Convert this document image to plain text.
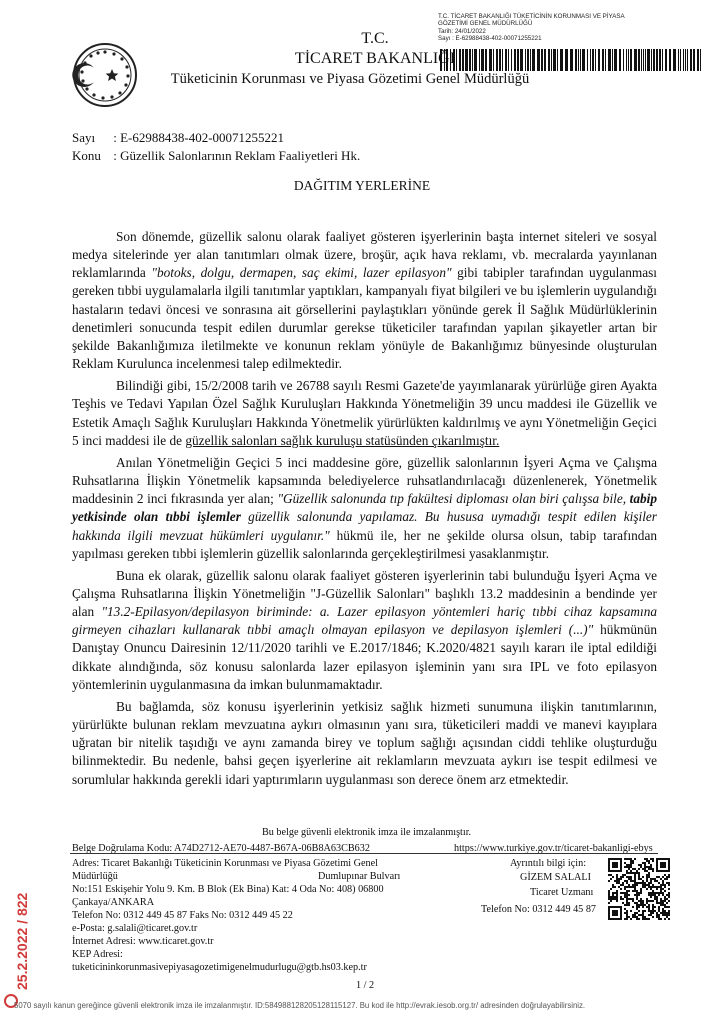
T.C. TİCARET BAKANLIĞI TÜKETİCİNİN KORUNMASI VE PİYASA
GÖZETİMİ GENEL MÜDÜRLÜĞÜ
Tarih: 24/01/2022
Sayı : E-62988438-402-00071255221
T.C.
TİCARET BAKANLIĞI
Tüketicinin Korunması ve Piyasa Gözetimi Genel Müdürlüğü
Sayı : E-62988438-402-00071255221
Konu : Güzellik Salonlarının Reklam Faaliyetleri Hk.
DAĞITIM YERLERİNE

Son dönemde, güzellik salonu olarak faaliyet gösteren işyerlerinin başta internet siteleri ve sosyal medya sitelerinde yer alan tanıtımları olmak üzere, broşür, açık hava reklamı, vb. mecralarda yayınlanan reklamlarında "botoks, dolgu, dermapen, saç ekimi, lazer epilasyon" gibi tabipler tarafından uygulanması gereken tıbbi uygulamalarla ilgili tanıtımlar yaptıkları, kampanyalı fiyat bilgileri ve bu işlemlerin uygulandığı hastaların tedavi öncesi ve sonrasına ait görsellerini paylaştıkları yönünde gerek İl Sağlık Müdürlüklerinin denetimleri sonucunda tespit edilen durumlar gerekse tüketiciler tarafından yapılan şikayetler artan bir şekilde Bakanlığımıza iletilmekte ve konunun reklam yönüyle de Bakanlığımız bünyesinde oluşturulan Reklam Kurulunca incelenmesi talep edilmektedir.

Bilindiği gibi, 15/2/2008 tarih ve 26788 sayılı Resmi Gazete'de yayımlanarak yürürlüğe giren Ayakta Teşhis ve Tedavi Yapılan Özel Sağlık Kuruluşları Hakkında Yönetmeliğin 39 uncu maddesi ile Güzellik ve Estetik Amaçlı Sağlık Kuruluşları Hakkında Yönetmelik yürürlükten kaldırılmış ve aynı Yönetmeliğin Geçici 5 inci maddesi ile de güzellik salonları sağlık kuruluşu statüsünden çıkarılmıştır.

Anılan Yönetmeliğin Geçici 5 inci maddesine göre, güzellik salonlarının İşyeri Açma ve Çalışma Ruhsatlarına İlişkin Yönetmelik kapsamında belediyelerce ruhsatlandırılacağı düzenlenerek, Yönetmelik maddesinin 2 inci fıkrasında yer alan; "Güzellik salonunda tıp fakültesi diploması olan biri çalışsa bile, tabip yetkisinde olan tıbbi işlemler güzellik salonunda yapılamaz. Bu hususa uymadığı tespit edilen kişiler hakkında ilgili mevzuat hükümleri uygulanır." hükmü ile, her ne şekilde olursa olsun, tabip tarafından yapılması gereken tıbbi işlemlerin güzellik salonlarında gerçekleştirilmesi yasaklanmıştır.

Buna ek olarak, güzellik salonu olarak faaliyet gösteren işyerlerinin tabi bulunduğu İşyeri Açma ve Çalışma Ruhsatlarına İlişkin Yönetmeliğin "J-Güzellik Salonları" başlıklı 13.2 maddesinin a bendinde yer alan "13.2-Epilasyon/depilasyon biriminde: a. Lazer epilasyon yöntemleri hariç tıbbi cihaz kapsamına girmeyen cihazları kullanarak tıbbi amaçlı olmayan epilasyon ve depilasyon işlemleri (...)" hükmünün Danıştay Onuncu Dairesinin 12/11/2020 tarihli ve E.2017/1846; K.2020/4821 sayılı kararı ile iptal edildiği dikkate alındığında, söz konusu salonlarda lazer epilasyon işleminin yanı sıra IPL ve foto epilasyon yöntemlerinin uygulanmasına da imkan bulunmamaktadır.

Bu bağlamda, söz konusu işyerlerinin yetkisiz sağlık hizmeti sunumuna ilişkin tanıtımlarının, yürürlükte bulunan reklam mevzuatına aykırı olmasının yanı sıra, tüketicileri maddi ve manevi kayıplara uğratan bir nitelik taşıdığı ve aynı zamanda birey ve toplum sağlığı açısından ciddi tehlike oluşturduğu bilinmektedir. Bu nedenle, bahsi geçen işyerlerine ait reklamların mevzuata aykırı ise tespit edilmesi ve sorumlular hakkında gerekli idari yaptırımların uygulanması son derece önem arz etmektedir.

Bu belge güvenli elektronik imza ile imzalanmıştır.
Belge Doğrulama Kodu: A74D2712-AE70-4487-B67A-06B8A63CB632	https://www.turkiye.gov.tr/ticaret-bakanligi-ebys
Adres: Ticaret Bakanlığı Tüketicinin Korunması ve Piyasa Gözetimi Genel
Müdürlüğü	Dumlupınar Bulvarı
No:151 Eskişehir Yolu 9. Km. B Blok (Ek Bina) Kat: 4 Oda No: 408) 06800
Çankaya/ANKARA
Telefon No: 0312 449 45 87 Faks No: 0312 449 45 22
e-Posta: g.salali@ticaret.gov.tr
İnternet Adresi: www.ticaret.gov.tr
KEP Adresi:
tuketicininkorunmasivepiyasagozetimigenelmudurlugu@gtb.hs03.kep.tr
Ayrıntılı bilgi için:
GİZEM SALALI
Ticaret Uzmanı
Telefon No: 0312 449 45 87
1 / 2
25.2.2022 / 822
5070 sayılı kanun gereğince güvenli elektronik imza ile imzalanmıştır. ID:584988128205128115127. Bu kod ile http://evrak.iesob.org.tr/ adresinden doğrulayabilirsiniz.
